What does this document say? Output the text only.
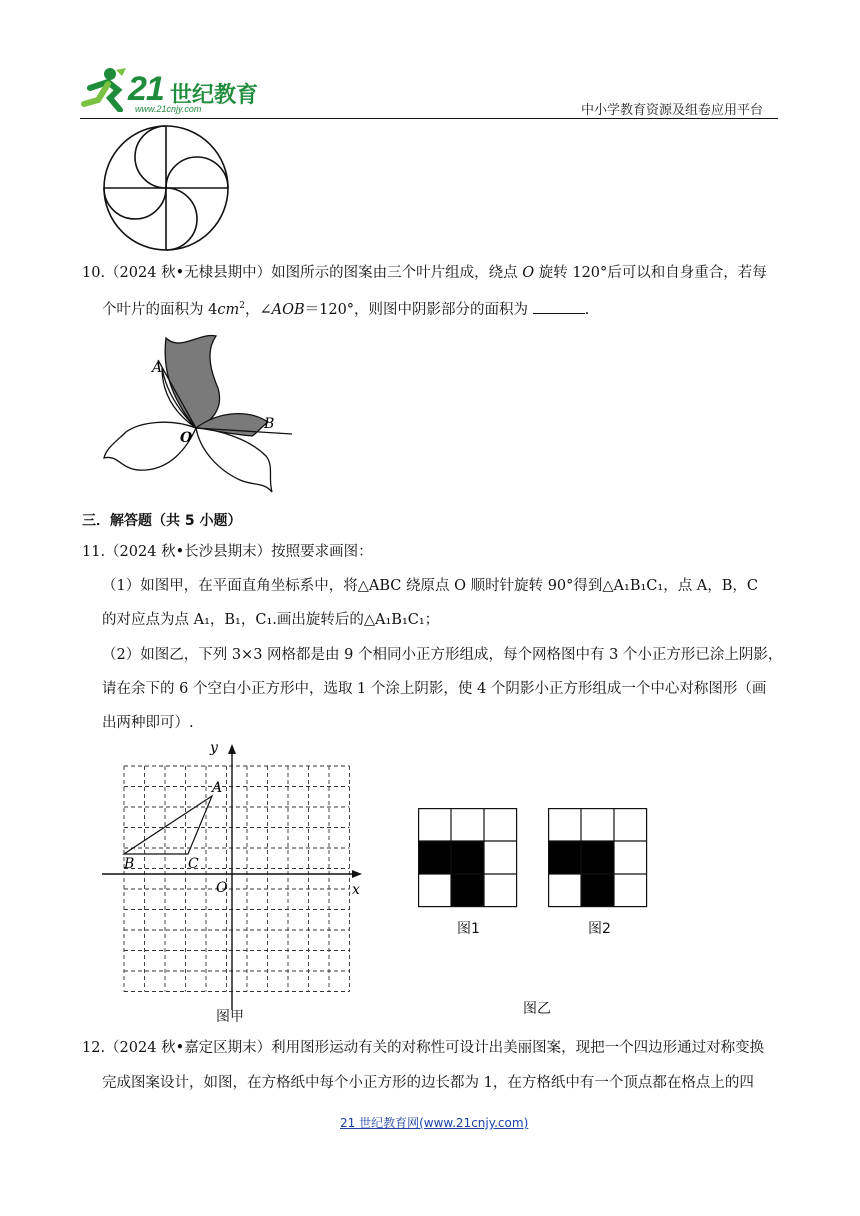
21 世纪教育
www.21cnjy.com	中小学教育资源及组卷应用平台
10.（2024 秋•无棣县期中）如图所示的图案由三个叶片组成，绕点 O 旋转 120°后可以和自身重合，若每
个叶片的面积为 $4cm^2$，∠AOB＝120°，则图中阴影部分的面积为	.
A
B
O
三．解答题（共 5 小题）
11.（2024 秋•长沙县期末）按照要求画图：
（1）如图甲，在平面直角坐标系中，将△ABC 绕原点 O 顺时针旋转 90°得到△A₁B₁C₁，点 A，B，C
的对应点为点 A₁，B₁，C₁.画出旋转后的△A₁B₁C₁；
（2）如图乙，下列 3×3 网格都是由 9 个相同小正方形组成，每个网格图中有 3 个小正方形已涂上阴影，
请在余下的 6 个空白小正方形中，选取 1 个涂上阴影，使 4 个阴影小正方形组成一个中心对称图形（画
出两种即可）.
A
B	C
O
y
x
图甲
图1	图2
图乙
12.（2024 秋•嘉定区期末）利用图形运动有关的对称性可设计出美丽图案，现把一个四边形通过对称变换
完成图案设计，如图，在方格纸中每个小正方形的边长都为 1，在方格纸中有一个顶点都在格点上的四
21 世纪教育网(www.21cnjy.com)
